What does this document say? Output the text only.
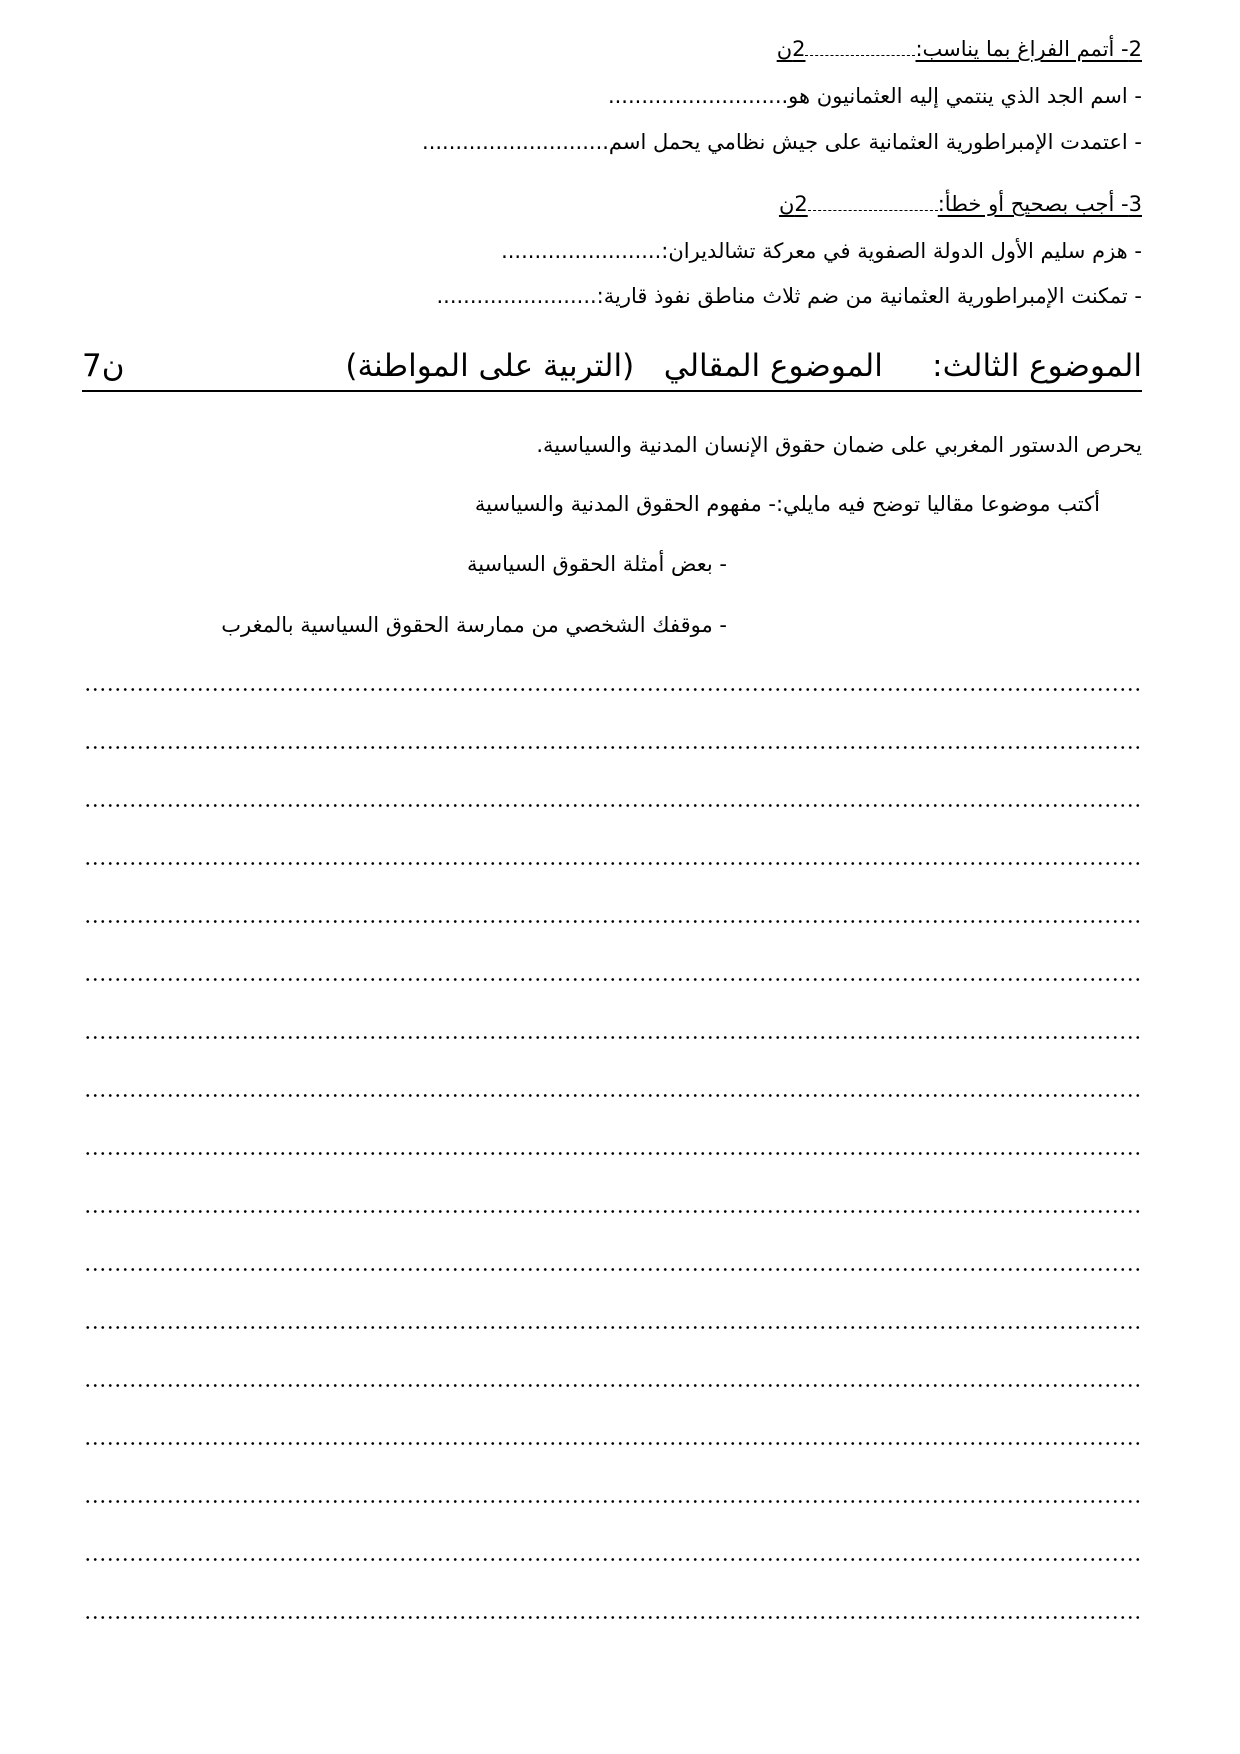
2- أتمم الفراغ بما يناسب:2ن
- اسم الجد الذي ينتمي إليه العثمانيون هو...........................
- اعتمدت الإمبراطورية العثمانية على جيش نظامي يحمل اسم............................
3- أجب بصحيح أو خطأ:2ن
- هزم سليم الأول الدولة الصفوية في معركة تشالديران:........................
- تمكنت الإمبراطورية العثمانية من ضم ثلاث مناطق نفوذ قارية:........................
7ن	الموضوع الثالث:     الموضوع المقالي   (التربية على المواطنة)
يحرص الدستور المغربي على ضمان حقوق الإنسان المدنية والسياسية.
أكتب موضوعا مقاليا توضح فيه مايلي:- مفهوم الحقوق المدنية والسياسية
- بعض أمثلة الحقوق السياسية
- موقفك الشخصي من ممارسة الحقوق السياسية بالمغرب
